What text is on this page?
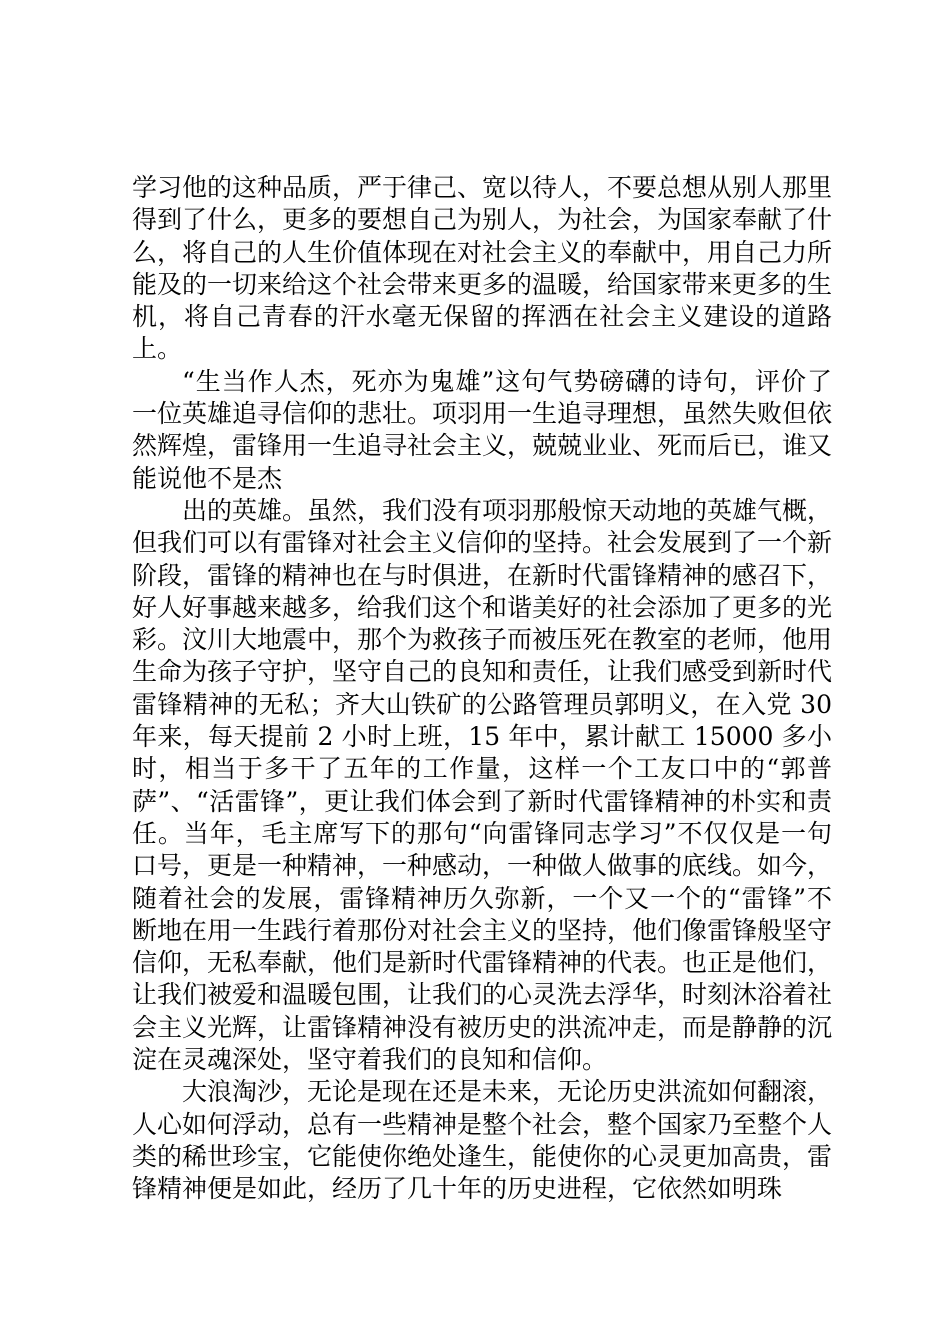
学习他的这种品质，严于律己、宽以待人，不要总想从别人那里得到了什么，更多的要想自己为别人，为社会，为国家奉献了什么，将自己的人生价值体现在对社会主义的奉献中，用自己力所能及的一切来给这个社会带来更多的温暖，给国家带来更多的生机，将自己青春的汗水毫无保留的挥洒在社会主义建设的道路上。

“生当作人杰，死亦为鬼雄”这句气势磅礴的诗句，评价了一位英雄追寻信仰的悲壮。项羽用一生追寻理想，虽然失败但依然辉煌，雷锋用一生追寻社会主义，兢兢业业、死而后已，谁又能说他不是杰

出的英雄。虽然，我们没有项羽那般惊天动地的英雄气概，但我们可以有雷锋对社会主义信仰的坚持。社会发展到了一个新阶段，雷锋的精神也在与时俱进，在新时代雷锋精神的感召下，好人好事越来越多，给我们这个和谐美好的社会添加了更多的光彩。汶川大地震中，那个为救孩子而被压死在教室的老师，他用生命为孩子守护，坚守自己的良知和责任，让我们感受到新时代雷锋精神的无私；齐大山铁矿的公路管理员郭明义，在入党 30 年来，每天提前 2 小时上班，15 年中，累计献工 15000 多小时，相当于多干了五年的工作量，这样一个工友口中的“郭普萨”、“活雷锋”，更让我们体会到了新时代雷锋精神的朴实和责任。当年，毛主席写下的那句“向雷锋同志学习”不仅仅是一句口号，更是一种精神，一种感动，一种做人做事的底线。如今，随着社会的发展，雷锋精神历久弥新，一个又一个的“雷锋”不断地在用一生践行着那份对社会主义的坚持，他们像雷锋般坚守信仰，无私奉献，他们是新时代雷锋精神的代表。也正是他们，让我们被爱和温暖包围，让我们的心灵洗去浮华，时刻沐浴着社会主义光辉，让雷锋精神没有被历史的洪流冲走，而是静静的沉淀在灵魂深处，坚守着我们的良知和信仰。

大浪淘沙，无论是现在还是未来，无论历史洪流如何翻滚，人心如何浮动，总有一些精神是整个社会，整个国家乃至整个人类的稀世珍宝，它能使你绝处逢生，能使你的心灵更加高贵，雷锋精神便是如此，经历了几十年的历史进程，它依然如明珠
